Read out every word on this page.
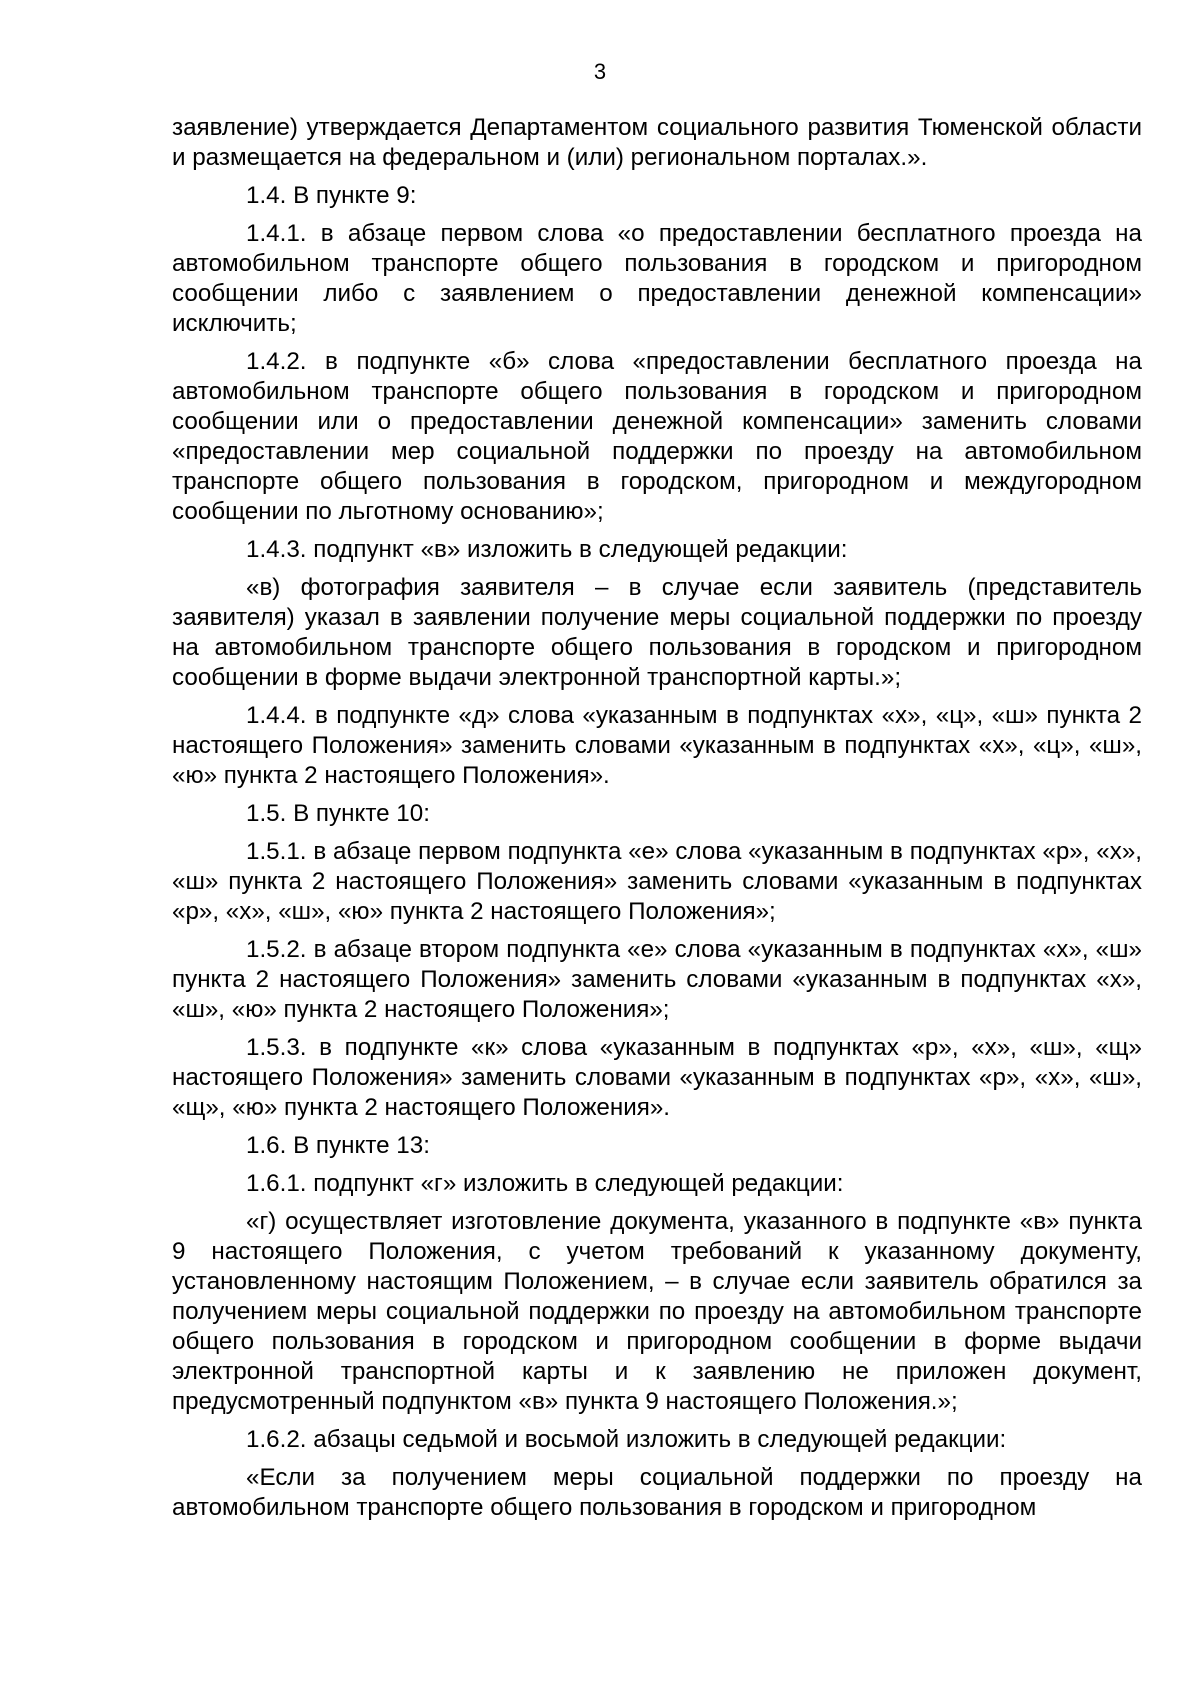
3

заявление) утверждается Департаментом социального развития Тюменской области и размещается на федеральном и (или) региональном порталах.».

1.4. В пункте 9:

1.4.1. в абзаце первом слова «о предоставлении бесплатного проезда на автомобильном транспорте общего пользования в городском и пригородном сообщении либо с заявлением о предоставлении денежной компенсации» исключить;

1.4.2. в подпункте «б» слова «предоставлении бесплатного проезда на автомобильном транспорте общего пользования в городском и пригородном сообщении или о предоставлении денежной компенсации» заменить словами «предоставлении мер социальной поддержки по проезду на автомобильном транспорте общего пользования в городском, пригородном и междугородном сообщении по льготному основанию»;

1.4.3. подпункт «в» изложить в следующей редакции:

«в) фотография заявителя – в случае если заявитель (представитель заявителя) указал в заявлении получение меры социальной поддержки по проезду на автомобильном транспорте общего пользования в городском и пригородном сообщении в форме выдачи электронной транспортной карты.»;

1.4.4. в подпункте «д» слова «указанным в подпунктах «х», «ц», «ш» пункта 2 настоящего Положения» заменить словами «указанным в подпунктах «х», «ц», «ш», «ю» пункта 2 настоящего Положения».

1.5. В пункте 10:

1.5.1. в абзаце первом подпункта «е» слова «указанным в подпунктах «р», «х», «ш» пункта 2 настоящего Положения» заменить словами «указанным в подпунктах «р», «х», «ш», «ю» пункта 2 настоящего Положения»;

1.5.2. в абзаце втором подпункта «е» слова «указанным в подпунктах «х», «ш» пункта 2 настоящего Положения» заменить словами «указанным в подпунктах «х», «ш», «ю» пункта 2 настоящего Положения»;

1.5.3. в подпункте «к» слова «указанным в подпунктах «р», «х», «ш», «щ» настоящего Положения» заменить словами «указанным в подпунктах «р», «х», «ш», «щ», «ю» пункта 2 настоящего Положения».

1.6. В пункте 13:

1.6.1. подпункт «г» изложить в следующей редакции:

«г) осуществляет изготовление документа, указанного в подпункте «в» пункта 9 настоящего Положения, с учетом требований к указанному документу, установленному настоящим Положением, – в случае если заявитель обратился за получением меры социальной поддержки по проезду на автомобильном транспорте общего пользования в городском и пригородном сообщении в форме выдачи электронной транспортной карты и к заявлению не приложен документ, предусмотренный подпунктом «в» пункта 9 настоящего Положения.»;

1.6.2. абзацы седьмой и восьмой изложить в следующей редакции:

«Если за получением меры социальной поддержки по проезду на автомобильном транспорте общего пользования в городском и пригородном
